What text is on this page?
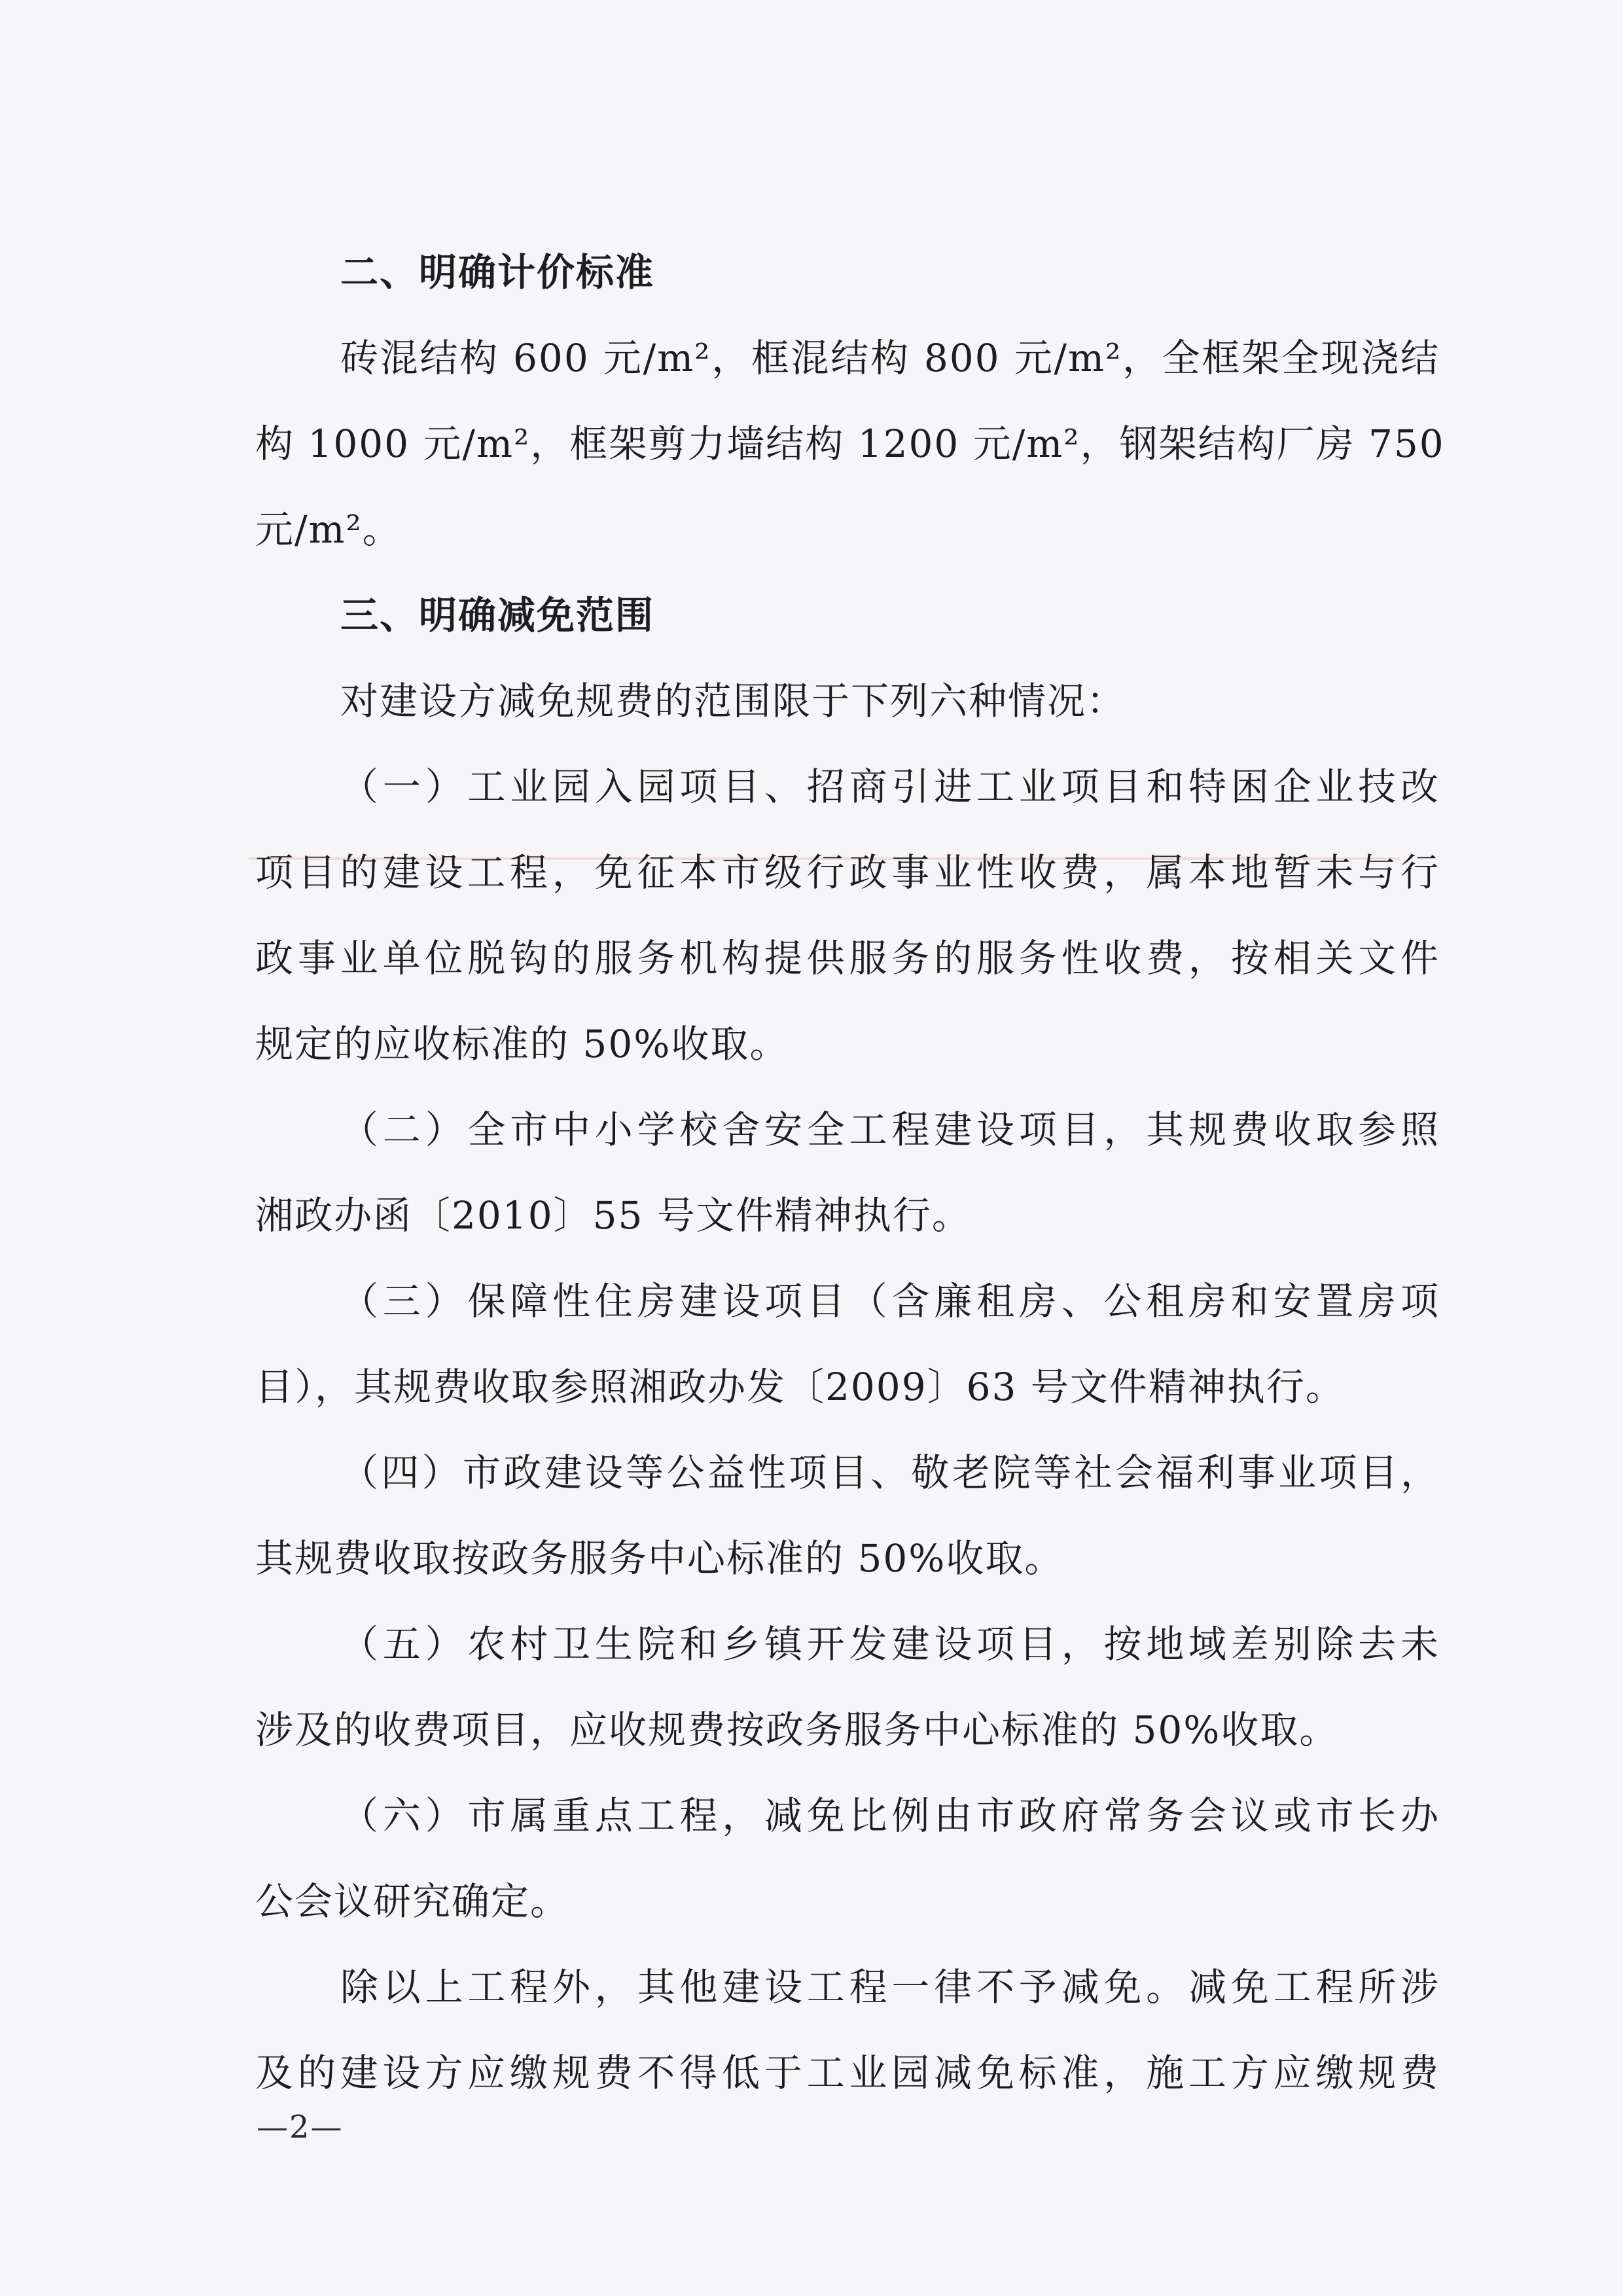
二、明确计价标准
砖混结构 600 元/m²，框混结构 800 元/m²，全框架全现浇结
构 1000 元/m²，框架剪力墙结构 1200 元/m²，钢架结构厂房 750
元/m²。
三、明确减免范围
对建设方减免规费的范围限于下列六种情况：
（一）工业园入园项目、招商引进工业项目和特困企业技改
项目的建设工程，免征本市级行政事业性收费，属本地暂未与行
政事业单位脱钩的服务机构提供服务的服务性收费，按相关文件
规定的应收标准的 50%收取。
（二）全市中小学校舍安全工程建设项目，其规费收取参照
湘政办函〔2010〕55 号文件精神执行。
（三）保障性住房建设项目（含廉租房、公租房和安置房项
目），其规费收取参照湘政办发〔2009〕63 号文件精神执行。
（四）市政建设等公益性项目、敬老院等社会福利事业项目，
其规费收取按政务服务中心标准的 50%收取。
（五）农村卫生院和乡镇开发建设项目，按地域差别除去未
涉及的收费项目，应收规费按政务服务中心标准的 50%收取。
（六）市属重点工程，减免比例由市政府常务会议或市长办
公会议研究确定。
除以上工程外，其他建设工程一律不予减免。减免工程所涉
及的建设方应缴规费不得低于工业园减免标准，施工方应缴规费
—2—
